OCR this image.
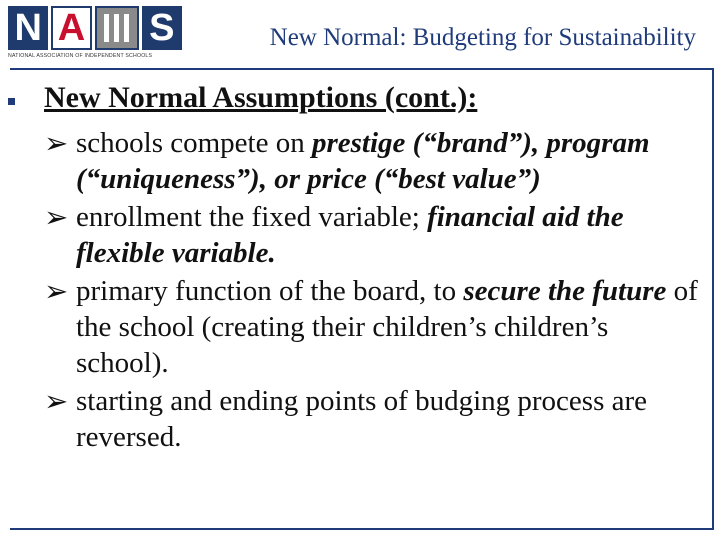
N A S
NATIONAL ASSOCIATION OF INDEPENDENT SCHOOLS
New Normal: Budgeting for Sustainability
New Normal Assumptions (cont.):
➢ schools compete on prestige (“brand”), program (“uniqueness”), or price (“best value”)
➢ enrollment the fixed variable; financial aid the flexible variable.
➢ primary function of the board, to secure the future of the school (creating their children’s children’s school).
➢ starting and ending points of budging process are reversed.
